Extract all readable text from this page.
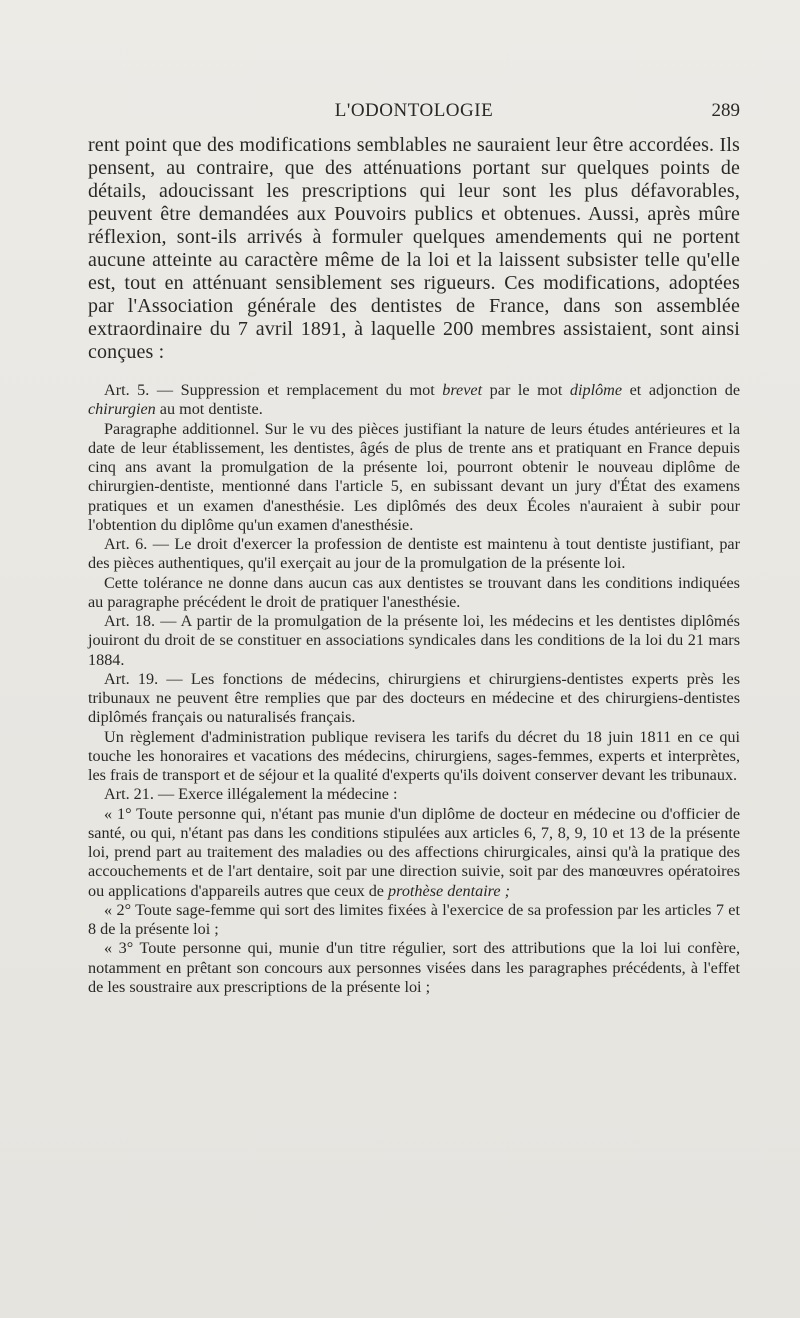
L'ODONTOLOGIE	289

rent point que des modifications semblables ne sauraient leur être accordées. Ils pensent, au contraire, que des atténuations portant sur quelques points de détails, adoucissant les prescriptions qui leur sont les plus défavorables, peuvent être demandées aux Pouvoirs publics et obtenues. Aussi, après mûre réflexion, sont-ils arrivés à formuler quelques amendements qui ne portent aucune atteinte au caractère même de la loi et la laissent subsister telle qu'elle est, tout en atténuant sensiblement ses rigueurs. Ces modifications, adoptées par l'Association générale des dentistes de France, dans son assemblée extraordinaire du 7 avril 1891, à laquelle 200 membres assistaient, sont ainsi conçues :

Art. 5. — Suppression et remplacement du mot brevet par le mot diplôme et adjonction de chirurgien au mot dentiste.

Paragraphe additionnel. Sur le vu des pièces justifiant la nature de leurs études antérieures et la date de leur établissement, les dentistes, âgés de plus de trente ans et pratiquant en France depuis cinq ans avant la promulgation de la présente loi, pourront obtenir le nouveau diplôme de chirurgien-dentiste, mentionné dans l'article 5, en subissant devant un jury d'État des examens pratiques et un examen d'anesthésie. Les diplômés des deux Écoles n'auraient à subir pour l'obtention du diplôme qu'un examen d'anesthésie.

Art. 6. — Le droit d'exercer la profession de dentiste est maintenu à tout dentiste justifiant, par des pièces authentiques, qu'il exerçait au jour de la promulgation de la présente loi.

Cette tolérance ne donne dans aucun cas aux dentistes se trouvant dans les conditions indiquées au paragraphe précédent le droit de pratiquer l'anesthésie.

Art. 18. — A partir de la promulgation de la présente loi, les médecins et les dentistes diplômés jouiront du droit de se constituer en associations syndicales dans les conditions de la loi du 21 mars 1884.

Art. 19. — Les fonctions de médecins, chirurgiens et chirurgiens-dentistes experts près les tribunaux ne peuvent être remplies que par des docteurs en médecine et des chirurgiens-dentistes diplômés français ou naturalisés français.

Un règlement d'administration publique revisera les tarifs du décret du 18 juin 1811 en ce qui touche les honoraires et vacations des médecins, chirurgiens, sages-femmes, experts et interprètes, les frais de transport et de séjour et la qualité d'experts qu'ils doivent conserver devant les tribunaux.

Art. 21. — Exerce illégalement la médecine :

« 1° Toute personne qui, n'étant pas munie d'un diplôme de docteur en médecine ou d'officier de santé, ou qui, n'étant pas dans les conditions stipulées aux articles 6, 7, 8, 9, 10 et 13 de la présente loi, prend part au traitement des maladies ou des affections chirurgicales, ainsi qu'à la pratique des accouchements et de l'art dentaire, soit par une direction suivie, soit par des manœuvres opératoires ou applications d'appareils autres que ceux de prothèse dentaire ;

« 2° Toute sage-femme qui sort des limites fixées à l'exercice de sa profession par les articles 7 et 8 de la présente loi ;

« 3° Toute personne qui, munie d'un titre régulier, sort des attributions que la loi lui confère, notamment en prêtant son concours aux personnes visées dans les paragraphes précédents, à l'effet de les soustraire aux prescriptions de la présente loi ;
